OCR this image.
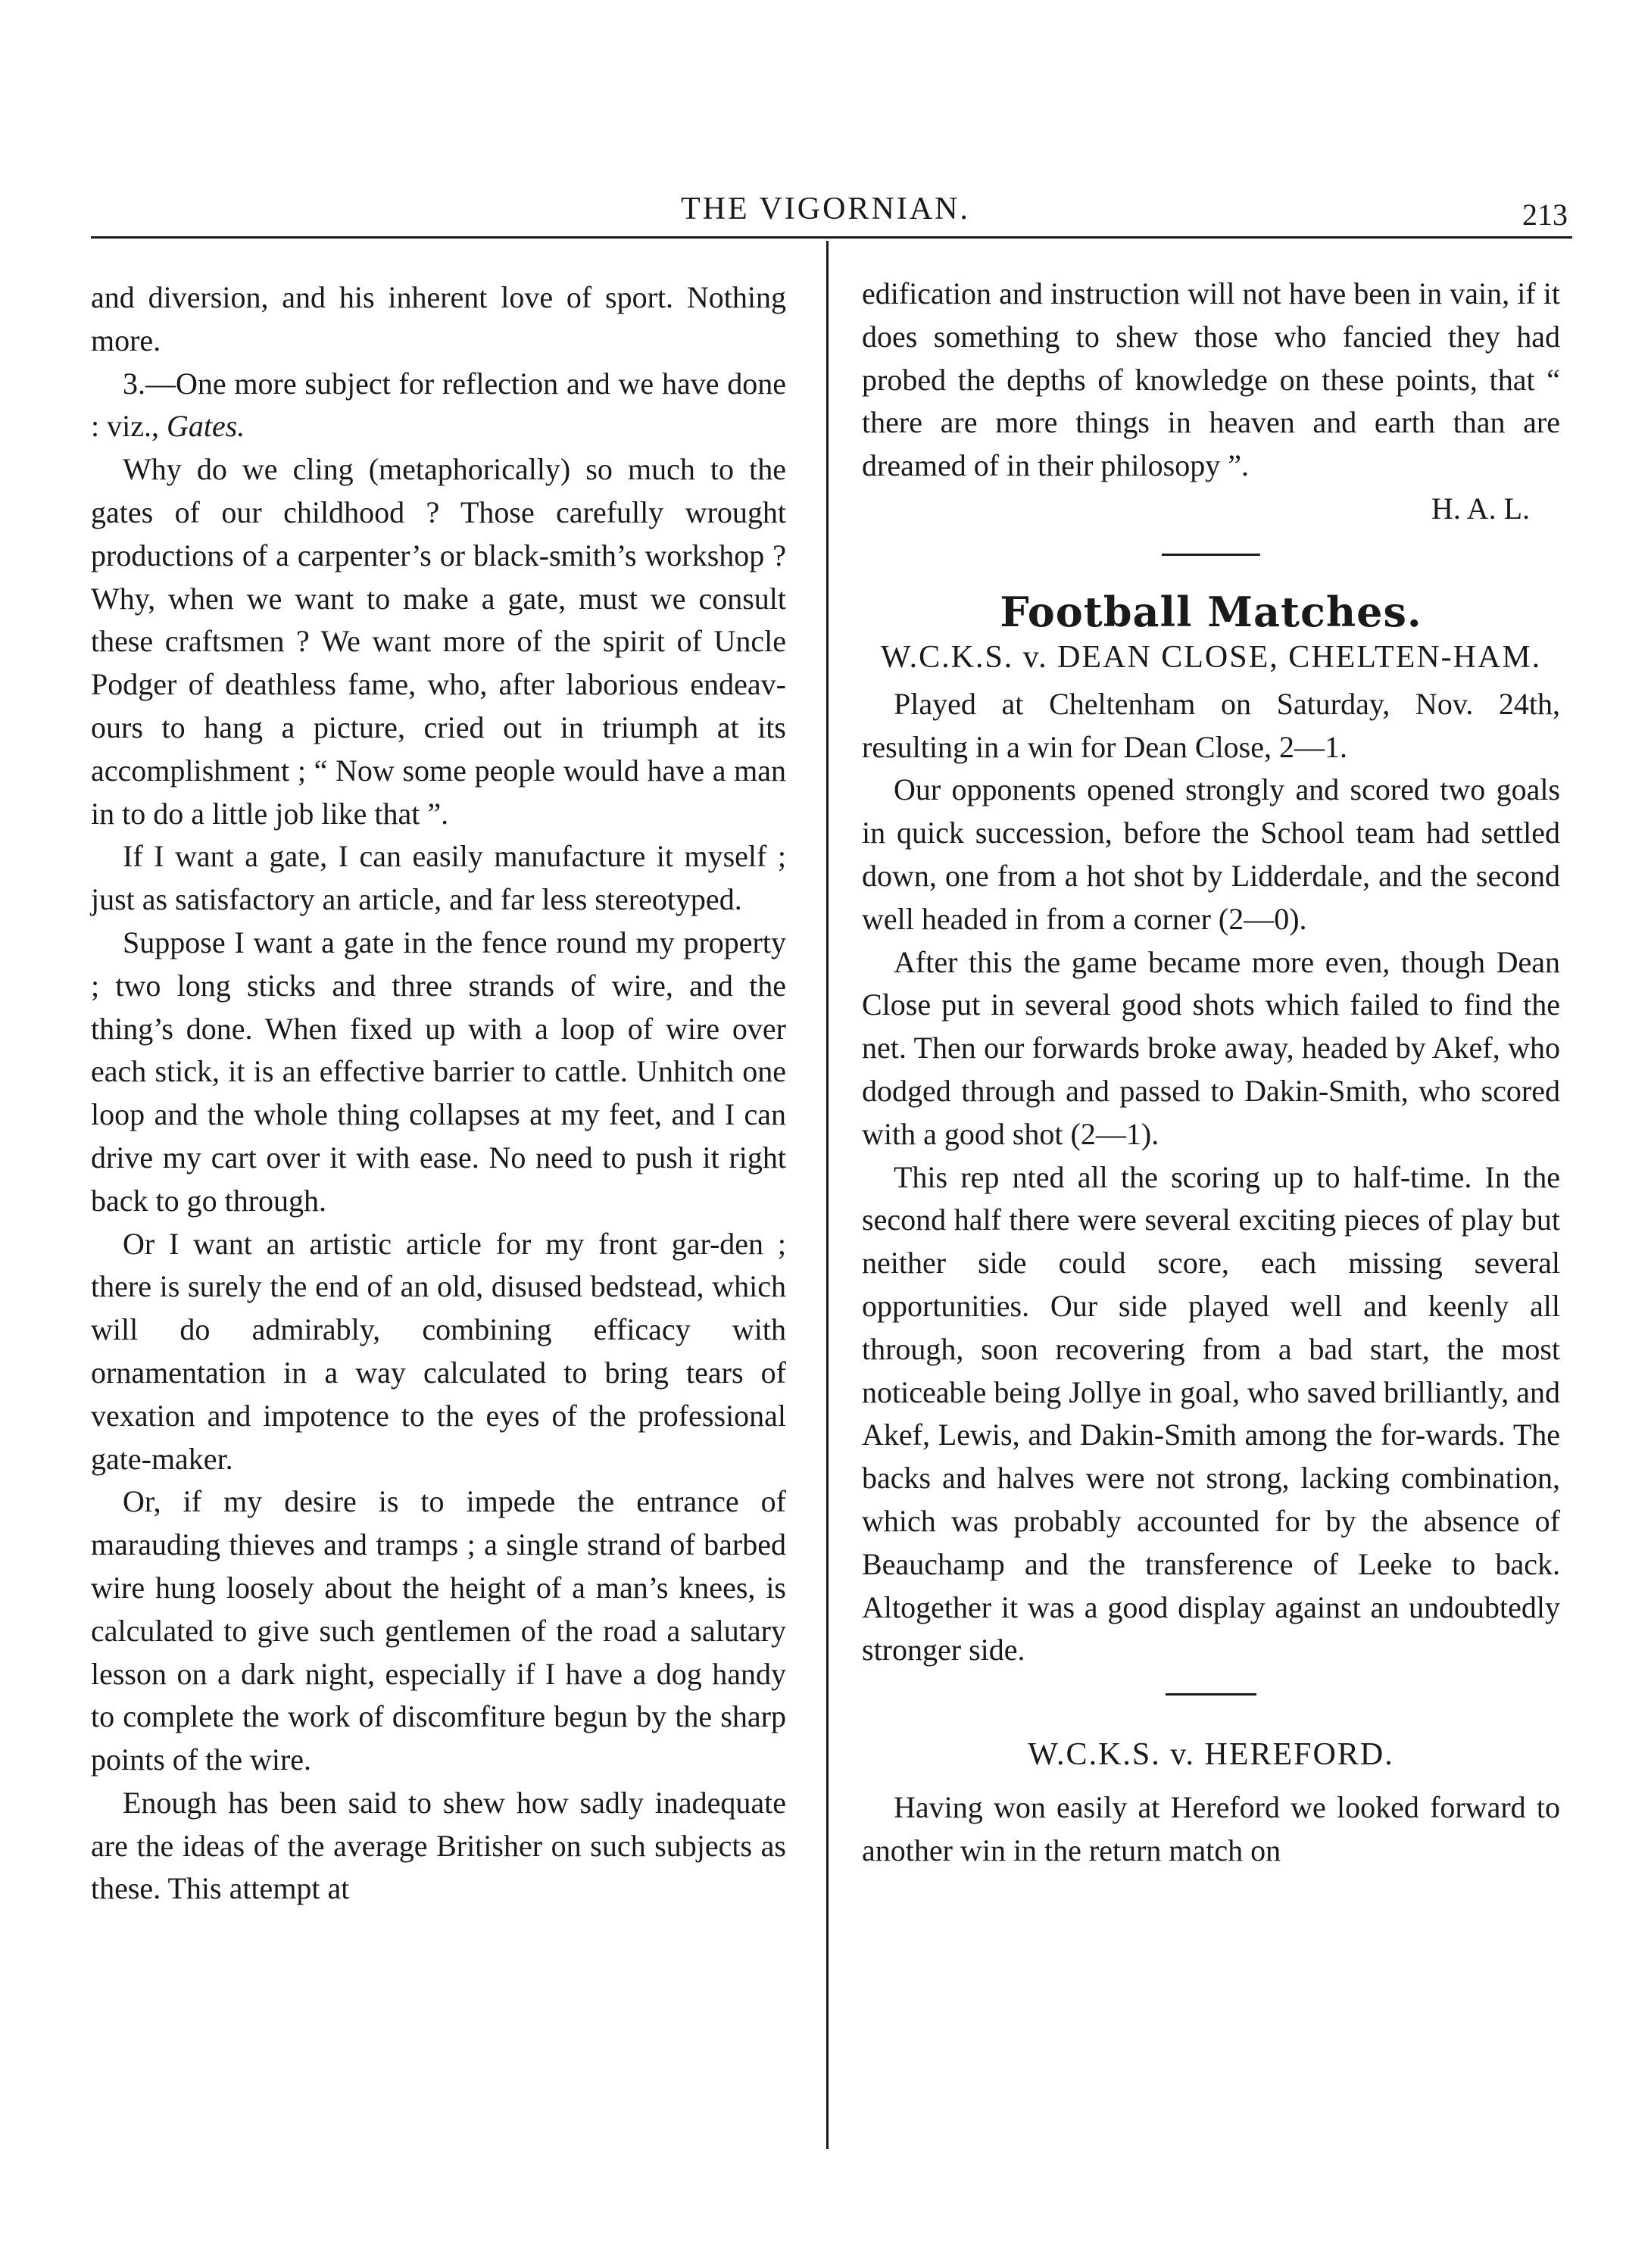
THE VIGORNIAN.	213

and diversion, and his inherent love of sport. Nothing more.

3.—One more subject for reflection and we have done : viz., Gates.

Why do we cling (metaphorically) so much to the gates of our childhood ? Those carefully wrought productions of a carpenter’s or black-smith’s workshop ? Why, when we want to make a gate, must we consult these craftsmen ? We want more of the spirit of Uncle Podger of deathless fame, who, after laborious endeav-ours to hang a picture, cried out in triumph at its accomplishment ; “ Now some people would have a man in to do a little job like that ”.

If I want a gate, I can easily manufacture it myself ; just as satisfactory an article, and far less stereotyped.

Suppose I want a gate in the fence round my property ; two long sticks and three strands of wire, and the thing’s done. When fixed up with a loop of wire over each stick, it is an effective barrier to cattle. Unhitch one loop and the whole thing collapses at my feet, and I can drive my cart over it with ease. No need to push it right back to go through.

Or I want an artistic article for my front gar-den ; there is surely the end of an old, disused bedstead, which will do admirably, combining efficacy with ornamentation in a way calculated to bring tears of vexation and impotence to the eyes of the professional gate-maker.

Or, if my desire is to impede the entrance of marauding thieves and tramps ; a single strand of barbed wire hung loosely about the height of a man’s knees, is calculated to give such gentlemen of the road a salutary lesson on a dark night, especially if I have a dog handy to complete the work of discomfiture begun by the sharp points of the wire.

Enough has been said to shew how sadly inadequate are the ideas of the average Britisher on such subjects as these. This attempt at

edification and instruction will not have been in vain, if it does something to shew those who fancied they had probed the depths of knowledge on these points, that “ there are more things in heaven and earth than are dreamed of in their philosopy ”.

H. A. L.

Football Matches.
W.C.K.S. v. DEAN CLOSE, CHELTEN-HAM.

Played at Cheltenham on Saturday, Nov. 24th, resulting in a win for Dean Close, 2—1.

Our opponents opened strongly and scored two goals in quick succession, before the School team had settled down, one from a hot shot by Lidderdale, and the second well headed in from a corner (2—0).

After this the game became more even, though Dean Close put in several good shots which failed to find the net. Then our forwards broke away, headed by Akef, who dodged through and passed to Dakin-Smith, who scored with a good shot (2—1).

This rep nted all the scoring up to half-time. In the second half there were several exciting pieces of play but neither side could score, each missing several opportunities. Our side played well and keenly all through, soon recovering from a bad start, the most noticeable being Jollye in goal, who saved brilliantly, and Akef, Lewis, and Dakin-Smith among the for-wards. The backs and halves were not strong, lacking combination, which was probably accounted for by the absence of Beauchamp and the transference of Leeke to back. Altogether it was a good display against an undoubtedly stronger side.

W.C.K.S. v. HEREFORD.

Having won easily at Hereford we looked forward to another win in the return match on
